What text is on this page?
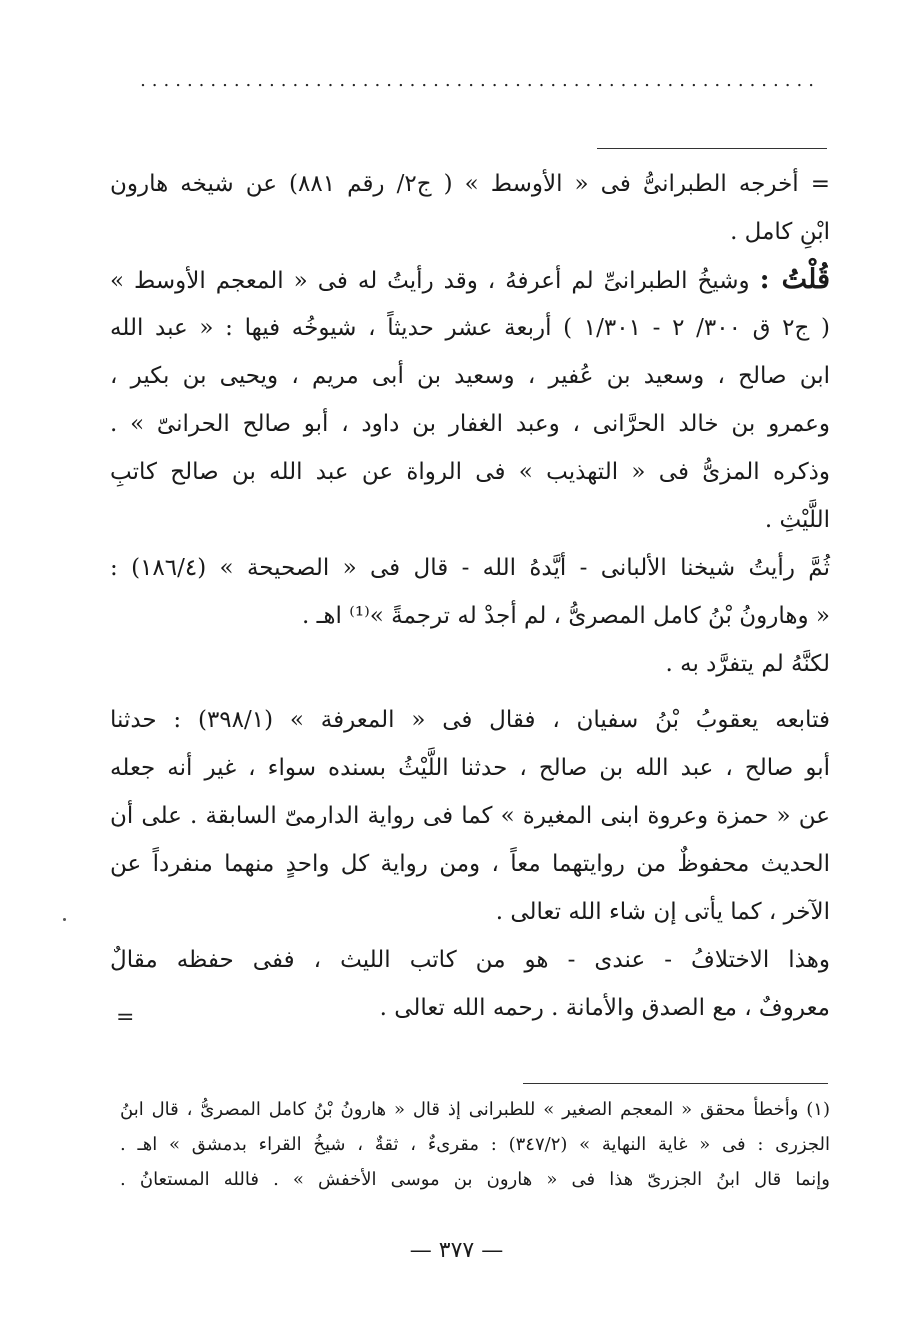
..........................................................
= أخرجه الطبرانىُّ فى « الأوسط » ( ج٢/ رقم ٨٨١) عن شيخه هارون
ابْنِ كامل .
قُلْتُ : وشيخُ الطبرانىِّ لم أعرفهُ ، وقد رأيتُ له فى « المعجم الأوسط »
( ج٢ ق ٣٠٠/ ٢ - ١/٣٠١ ) أربعة عشر حديثاً ، شيوخُه فيها : « عبد الله
ابن صالح ، وسعيد بن عُفير ، وسعيد بن أبى مريم ، ويحيى بن بكير ،
وعمرو بن خالد الحرَّانى ، وعبد الغفار بن داود ، أبو صالح الحرانىّ » .
وذكره المزىُّ فى « التهذيب » فى الرواة عن عبد الله بن صالح كاتبِ
اللَّيْثِ .
ثُمَّ رأيتُ شيخنا الألبانى - أيَّدهُ الله - قال فى « الصحيحة » (١٨٦/٤) :
« وهارونُ بْنُ كامل المصرىُّ ، لم أجدْ له ترجمةً »⁽¹⁾ اهـ .
لكنَّهُ لم يتفرَّد به .
فتابعه يعقوبُ بْنُ سفيان ، فقال فى « المعرفة » (٣٩٨/١) : حدثنا
أبو صالح ، عبد الله بن صالح ، حدثنا اللَّيْثُ بسنده سواء ، غير أنه جعله
عن « حمزة وعروة ابنى المغيرة » كما فى رواية الدارمىّ السابقة . على أن
الحديث محفوظٌ من روايتهما معاً ، ومن رواية كل واحدٍ منهما منفرداً عن
الآخر ، كما يأتى إن شاء الله تعالى .
وهذا الاختلافُ - عندى - هو من كاتب الليث ، ففى حفظه مقالٌ
معروفٌ ، مع الصدق والأمانة . رحمه الله تعالى .
=
(١) وأخطأ محقق « المعجم الصغير » للطبرانى إذ قال « هارونُ بْنُ كامل المصرىُّ ، قال ابنُ
الجزرى : فى « غاية النهاية » (٣٤٧/٢) : مقرىءٌ ، ثقةٌ ، شيخُ القراء بدمشق » اهـ .
وإنما قال ابنُ الجزرىّ هذا فى « هارون بن موسى الأخفش » . فالله المستعانُ .
— ٣٧٧ —
